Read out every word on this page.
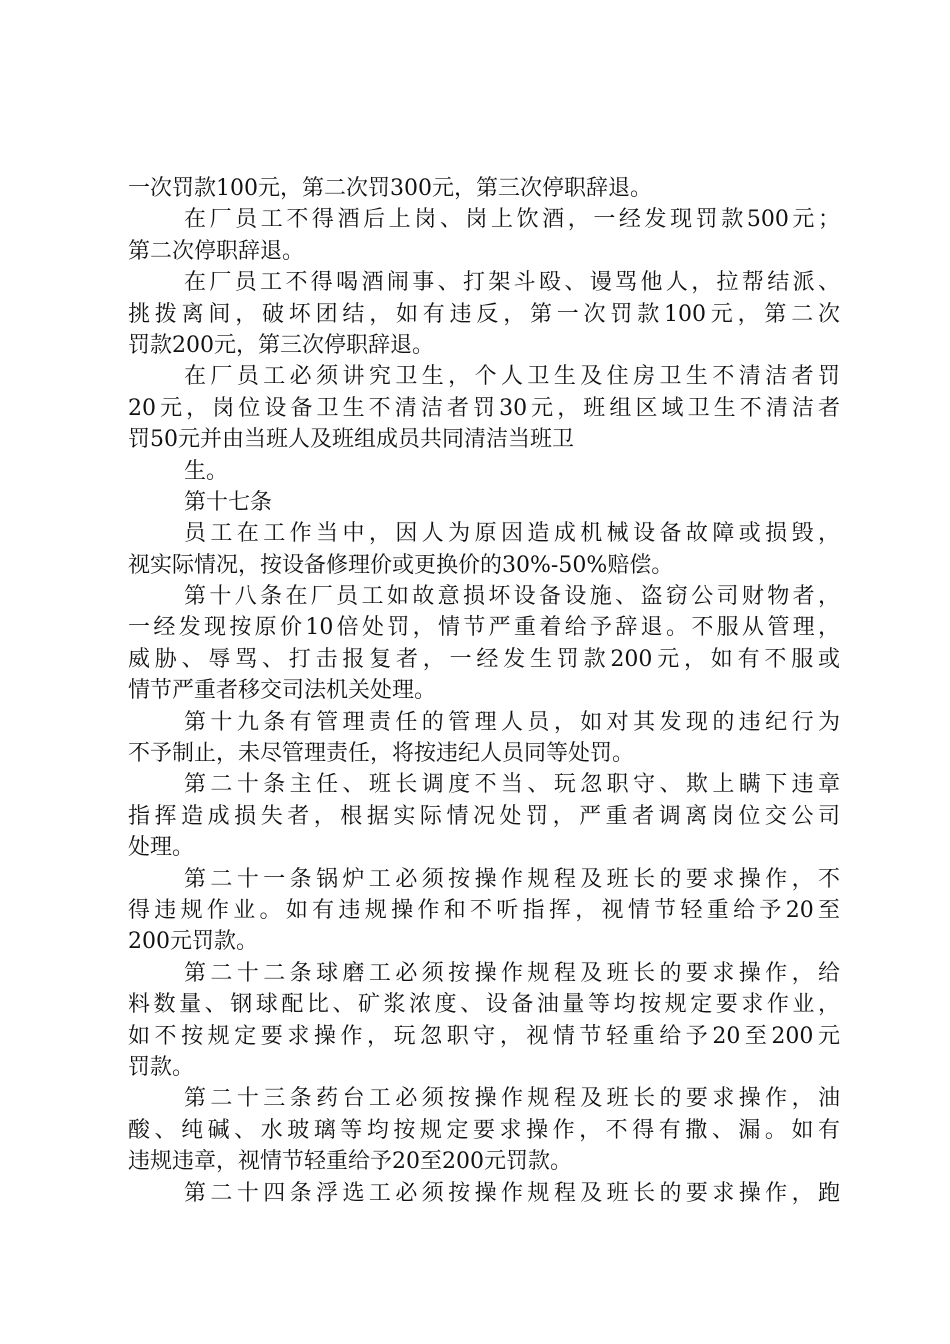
一次罚款100元，第二次罚300元，第三次停职辞退。
在厂员工不得酒后上岗、岗上饮酒，一经发现罚款500元；
第二次停职辞退。
在厂员工不得喝酒闹事、打架斗殴、谩骂他人，拉帮结派、
挑拨离间，破坏团结，如有违反，第一次罚款100元，第二次
罚款200元，第三次停职辞退。
在厂员工必须讲究卫生，个人卫生及住房卫生不清洁者罚
20元，岗位设备卫生不清洁者罚30元，班组区域卫生不清洁者
罚50元并由当班人及班组成员共同清洁当班卫
生。
第十七条
员工在工作当中，因人为原因造成机械设备故障或损毁，
视实际情况，按设备修理价或更换价的30%-50%赔偿。
第十八条在厂员工如故意损坏设备设施、盗窃公司财物者，
一经发现按原价10倍处罚，情节严重着给予辞退。不服从管理，
威胁、辱骂、打击报复者，一经发生罚款200元，如有不服或
情节严重者移交司法机关处理。
第十九条有管理责任的管理人员，如对其发现的违纪行为
不予制止，未尽管理责任，将按违纪人员同等处罚。
第二十条主任、班长调度不当、玩忽职守、欺上瞒下违章
指挥造成损失者，根据实际情况处罚，严重者调离岗位交公司
处理。
第二十一条锅炉工必须按操作规程及班长的要求操作，不
得违规作业。如有违规操作和不听指挥，视情节轻重给予20至
200元罚款。
第二十二条球磨工必须按操作规程及班长的要求操作，给
料数量、钢球配比、矿浆浓度、设备油量等均按规定要求作业，
如不按规定要求操作，玩忽职守，视情节轻重给予20至200元
罚款。
第二十三条药台工必须按操作规程及班长的要求操作，油
酸、纯碱、水玻璃等均按规定要求操作，不得有撒、漏。如有
违规违章，视情节轻重给予20至200元罚款。
第二十四条浮选工必须按操作规程及班长的要求操作，跑
